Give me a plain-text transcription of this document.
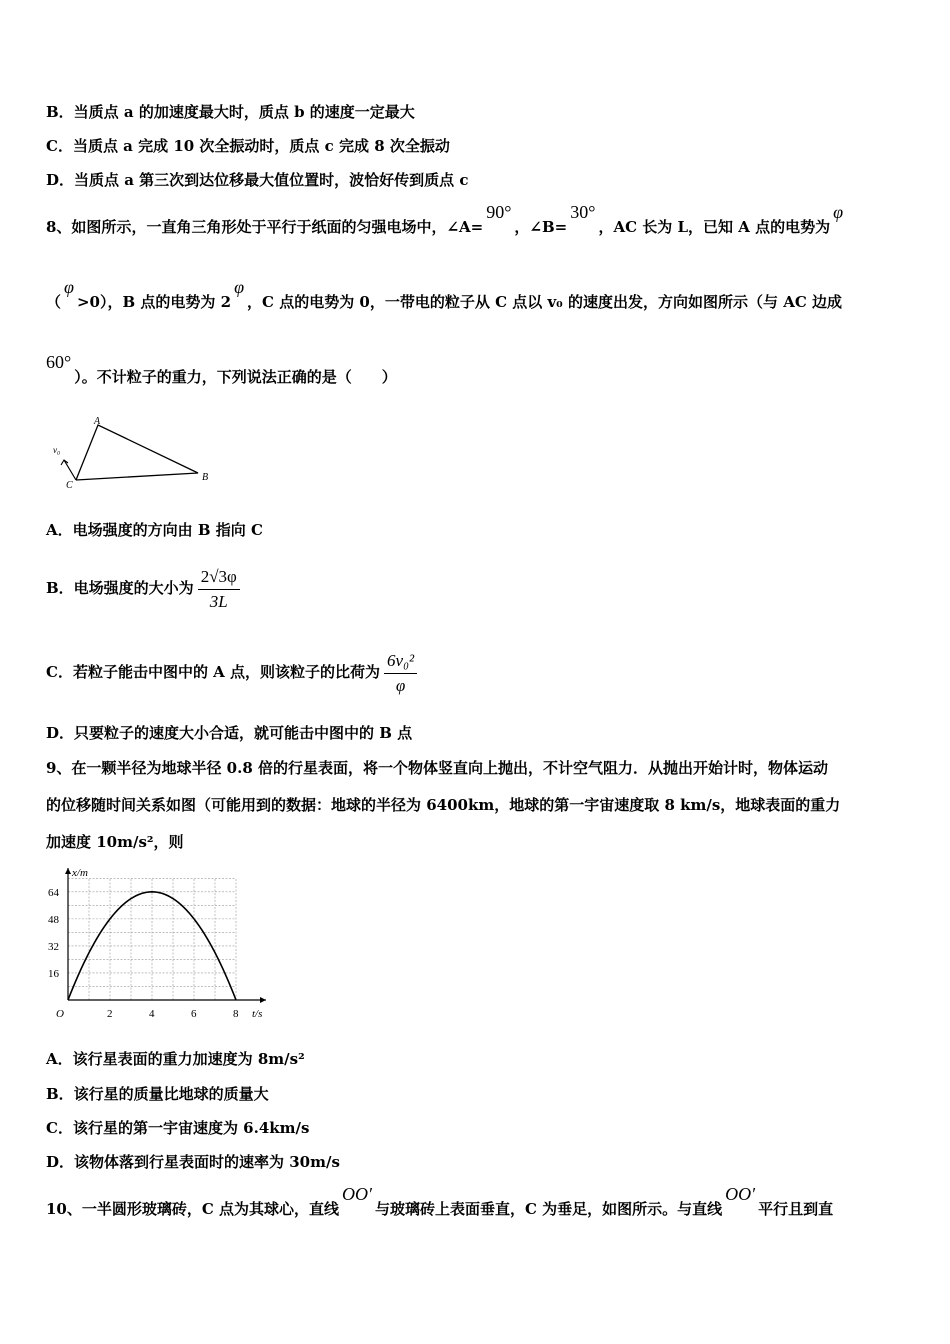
B．当质点 a 的加速度最大时，质点 b 的速度一定最大
C．当质点 a 完成 10 次全振动时，质点 c 完成 8 次全振动
D．当质点 a 第三次到达位移最大值位置时，波恰好传到质点 c
8、如图所示，一直角三角形处于平行于纸面的匀强电场中，∠A=90°，∠B=30°，AC 长为 L，已知 A 点的电势为φ
（φ>0），B 点的电势为 2φ，C 点的电势为 0，一带电的粒子从 C 点以 v₀ 的速度出发，方向如图所示（与 AC 边成
60°）。不计粒子的重力，下列说法正确的是（　　）
A
B
C
v₀
A．电场强度的方向由 B 指向 C
B．电场强度的大小为 $\frac{2√3\varphi}{3L}$
C．若粒子能击中图中的 A 点，则该粒子的比荷为 $\frac{\text{6v₀²}}{\varphi}$
D．只要粒子的速度大小合适，就可能击中图中的 B 点
9、在一颗半径为地球半径 0.8 倍的行星表面，将一个物体竖直向上抛出，不计空气阻力．从抛出开始计时，物体运动
的位移随时间关系如图（可能用到的数据：地球的半径为 6400km，地球的第一宇宙速度取 8 km/s，地球表面的重力
加速度 10m/s²，则
O	2	4	6	8
16
32
48
64
x/m
t/s
A．该行星表面的重力加速度为 8m/s²
B．该行星的质量比地球的质量大
C．该行星的第一宇宙速度为 6.4km/s
D．该物体落到行星表面时的速率为 30m/s
10、一半圆形玻璃砖，C 点为其球心，直线OO′与玻璃砖上表面垂直，C 为垂足，如图所示。与直线OO′平行且到直
